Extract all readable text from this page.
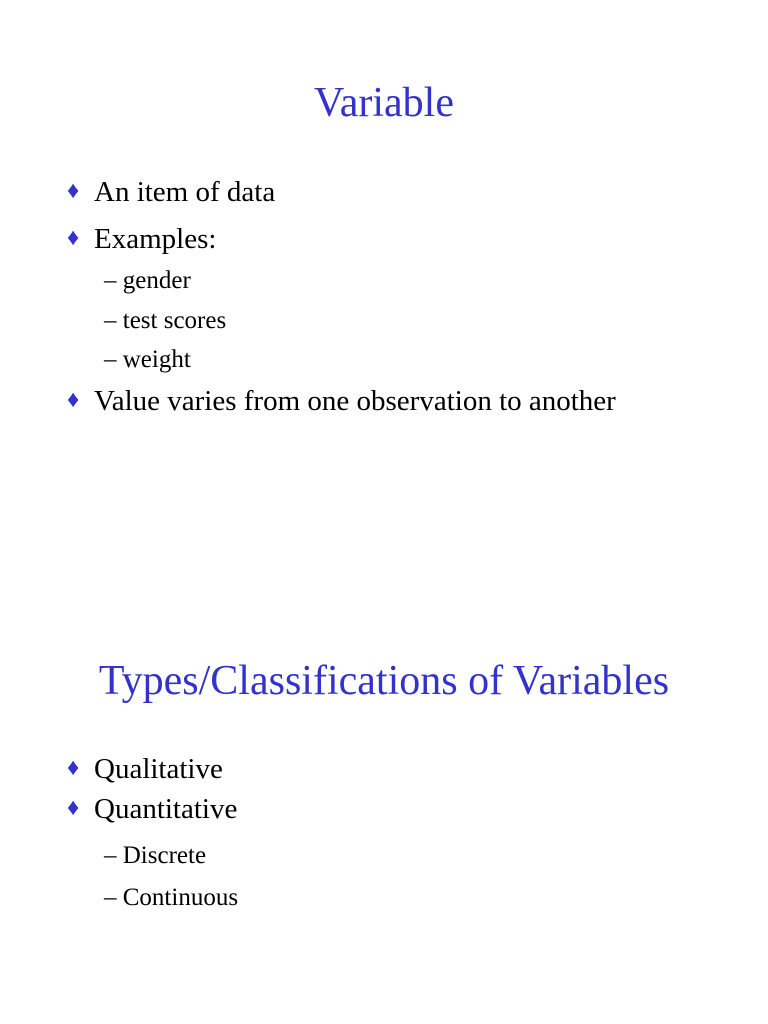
Variable
♦ An item of data
♦ Examples:
– gender
– test scores
– weight
♦ Value varies from one observation to another
Types/Classifications of Variables
♦ Qualitative
♦ Quantitative
– Discrete
– Continuous
